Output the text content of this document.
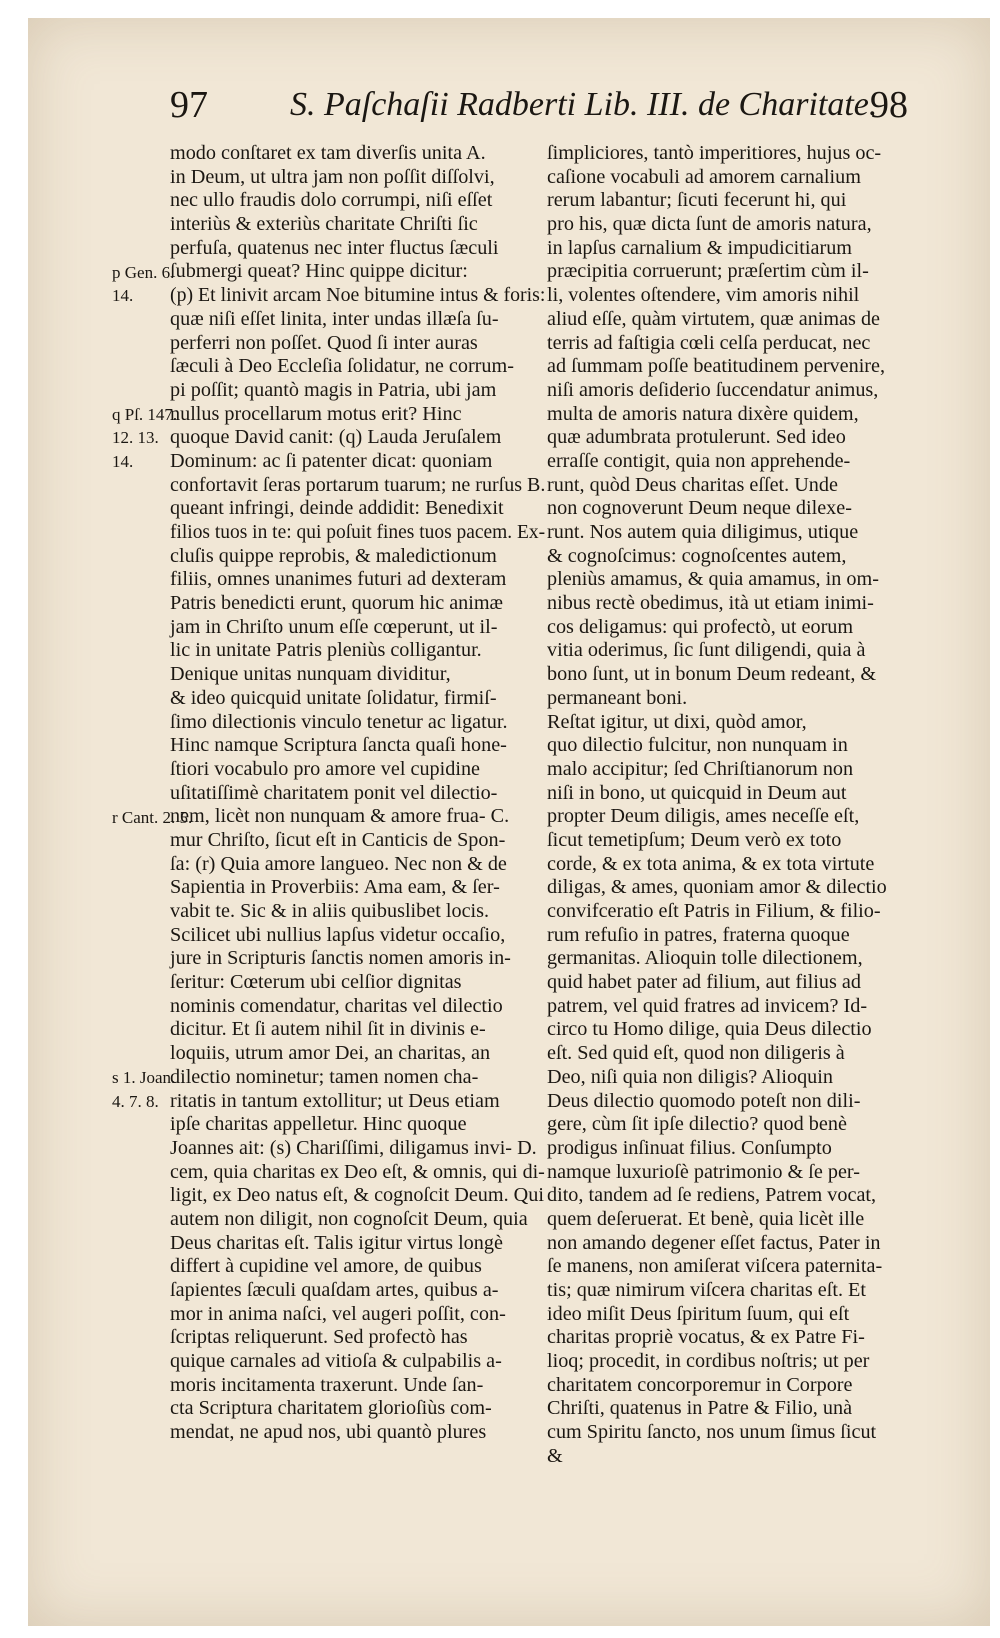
97 S. Paſchaſii Radberti Lib. III. de Charitate.
98
modo conſtaret ex tam diverſis unita A.
in Deum, ut ultra jam non poſſit diſſolvi,
nec ullo fraudis dolo corrumpi, niſi eſſet
interiùs & exteriùs charitate Chriſti ſic
perfuſa, quatenus nec inter fluctus ſæculi
ſubmergi queat? Hinc quippe dicitur:
(p) Et linivit arcam Noe bitumine intus & foris:
quæ niſi eſſet linita, inter undas illæſa ſu-
perferri non poſſet. Quod ſi inter auras
ſæculi à Deo Eccleſia ſolidatur, ne corrum-
pi poſſit; quantò magis in Patria, ubi jam
nullus procellarum motus erit? Hinc
quoque David canit: (q) Lauda Jeruſalem
Dominum: ac ſi patenter dicat: quoniam
confortavit ſeras portarum tuarum; ne rurſus B.
queant infringi, deinde addidit: Benedixit
filios tuos in te: qui poſuit fines tuos pacem. Ex-
cluſis quippe reprobis, & maledictionum
filiis, omnes unanimes futuri ad dexteram
Patris benedicti erunt, quorum hic animæ
jam in Chriſto unum eſſe cœperunt, ut il-
lic in unitate Patris pleniùs colligantur.
Denique unitas nunquam dividitur,
& ideo quicquid unitate ſolidatur, firmiſ-
ſimo dilectionis vinculo tenetur ac ligatur.
Hinc namque Scriptura ſancta quaſi hone-
ſtiori vocabulo pro amore vel cupidine
uſitatiſſimè charitatem ponit vel dilectio-
nem, licèt non nunquam & amore frua- C.
mur Chriſto, ſicut eſt in Canticis de Spon-
ſa: (r) Quia amore langueo. Nec non & de
Sapientia in Proverbiis: Ama eam, & ſer-
vabit te. Sic & in aliis quibuslibet locis.
Scilicet ubi nullius lapſus videtur occaſio,
jure in Scripturis ſanctis nomen amoris in-
ſeritur: Cœterum ubi celſior dignitas
nominis comendatur, charitas vel dilectio
dicitur. Et ſi autem nihil ſit in divinis e-
loquiis, utrum amor Dei, an charitas, an
dilectio nominetur; tamen nomen cha-
ritatis in tantum extollitur; ut Deus etiam
ipſe charitas appelletur. Hinc quoque
Joannes ait: (s) Chariſſimi, diligamus invi- D.
cem, quia charitas ex Deo eſt, & omnis, qui di-
ligit, ex Deo natus eſt, & cognoſcit Deum. Qui
autem non diligit, non cognoſcit Deum, quia
Deus charitas eſt. Talis igitur virtus longè
differt à cupidine vel amore, de quibus
ſapientes ſæculi quaſdam artes, quibus a-
mor in anima naſci, vel augeri poſſit, con-
ſcriptas reliquerunt. Sed profectò has
quique carnales ad vitioſa & culpabilis a-
moris incitamenta traxerunt. Unde ſan-
cta Scriptura charitatem glorioſiùs com-
mendat, ne apud nos, ubi quantò plures
ſimpliciores, tantò imperitiores, hujus oc-
caſione vocabuli ad amorem carnalium
rerum labantur; ſicuti fecerunt hi, qui
pro his, quæ dicta ſunt de amoris natura,
in lapſus carnalium & impudicitiarum
præcipitia corruerunt; præſertim cùm il-
li, volentes oſtendere, vim amoris nihil
aliud eſſe, quàm virtutem, quæ animas de
terris ad faſtigia cœli celſa perducat, nec
ad ſummam poſſe beatitudinem pervenire,
niſi amoris deſiderio ſuccendatur animus,
multa de amoris natura dixère quidem,
quæ adumbrata protulerunt. Sed ideo
erraſſe contigit, quia non apprehende-
runt, quòd Deus charitas eſſet. Unde
non cognoverunt Deum neque dilexe-
runt. Nos autem quia diligimus, utique
& cognoſcimus: cognoſcentes autem,
pleniùs amamus, & quia amamus, in om-
nibus rectè obedimus, ità ut etiam inimi-
cos deligamus: qui profectò, ut eorum
vitia oderimus, ſic ſunt diligendi, quia à
bono ſunt, ut in bonum Deum redeant, &
permaneant boni.
Reſtat igitur, ut dixi, quòd amor,
quo dilectio fulcitur, non nunquam in
malo accipitur; ſed Chriſtianorum non
niſi in bono, ut quicquid in Deum aut
propter Deum diligis, ames neceſſe eſt,
ſicut temetipſum; Deum verò ex toto
corde, & ex tota anima, & ex tota virtute
diligas, & ames, quoniam amor & dilectio
convifceratio eſt Patris in Filium, & filio-
rum refuſio in patres, fraterna quoque
germanitas. Alioquin tolle dilectionem,
quid habet pater ad filium, aut filius ad
patrem, vel quid fratres ad invicem? Id-
circo tu Homo dilige, quia Deus dilectio
eſt. Sed quid eſt, quod non diligeris à
Deo, niſi quia non diligis? Alioquin
Deus dilectio quomodo poteſt non dili-
gere, cùm ſit ipſe dilectio? quod benè
prodigus inſinuat filius. Conſumpto
namque luxurioſè patrimonio & ſe per-
dito, tandem ad ſe rediens, Patrem vocat,
quem deſeruerat. Et benè, quia licèt ille
non amando degener eſſet factus, Pater in
ſe manens, non amiſerat viſcera paternita-
tis; quæ nimirum viſcera charitas eſt. Et
ideo miſit Deus ſpiritum ſuum, qui eſt
charitas propriè vocatus, & ex Patre Fi-
lioq; procedit, in cordibus noſtris; ut per
charitatem concorporemur in Corpore
Chriſti, quatenus in Patre & Filio, unà
cum Spiritu ſancto, nos unum ſimus ſicut
&
p Gen. 6.
14.
q Pſ. 147.
12. 13.
14.
r Cant. 2. 5.
s 1. Joan.
4. 7. 8.
